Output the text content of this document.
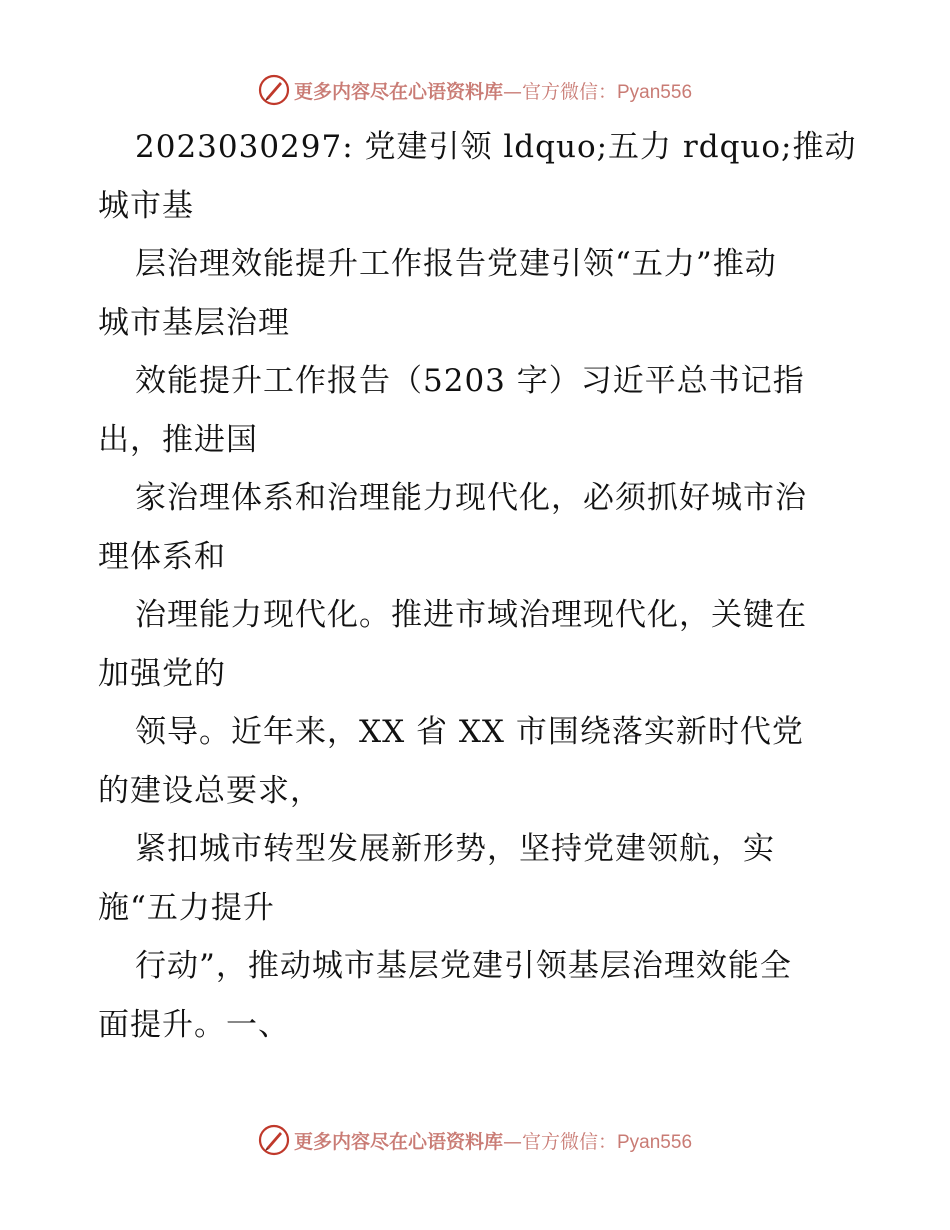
更多内容尽在心语资料库—官方微信：Pyan556
2023030297: 党建引领 ldquo;五力 rdquo;推动
城市基
层治理效能提升工作报告党建引领“五力”推动
城市基层治理
效能提升工作报告（5203 字）习近平总书记指
出，推进国
家治理体系和治理能力现代化，必须抓好城市治
理体系和
治理能力现代化。推进市域治理现代化，关键在
加强党的
领导。近年来，XX 省 XX 市围绕落实新时代党
的建设总要求，
紧扣城市转型发展新形势，坚持党建领航，实
施“五力提升
行动”，推动城市基层党建引领基层治理效能全
面提升。一、
更多内容尽在心语资料库—官方微信：Pyan556
